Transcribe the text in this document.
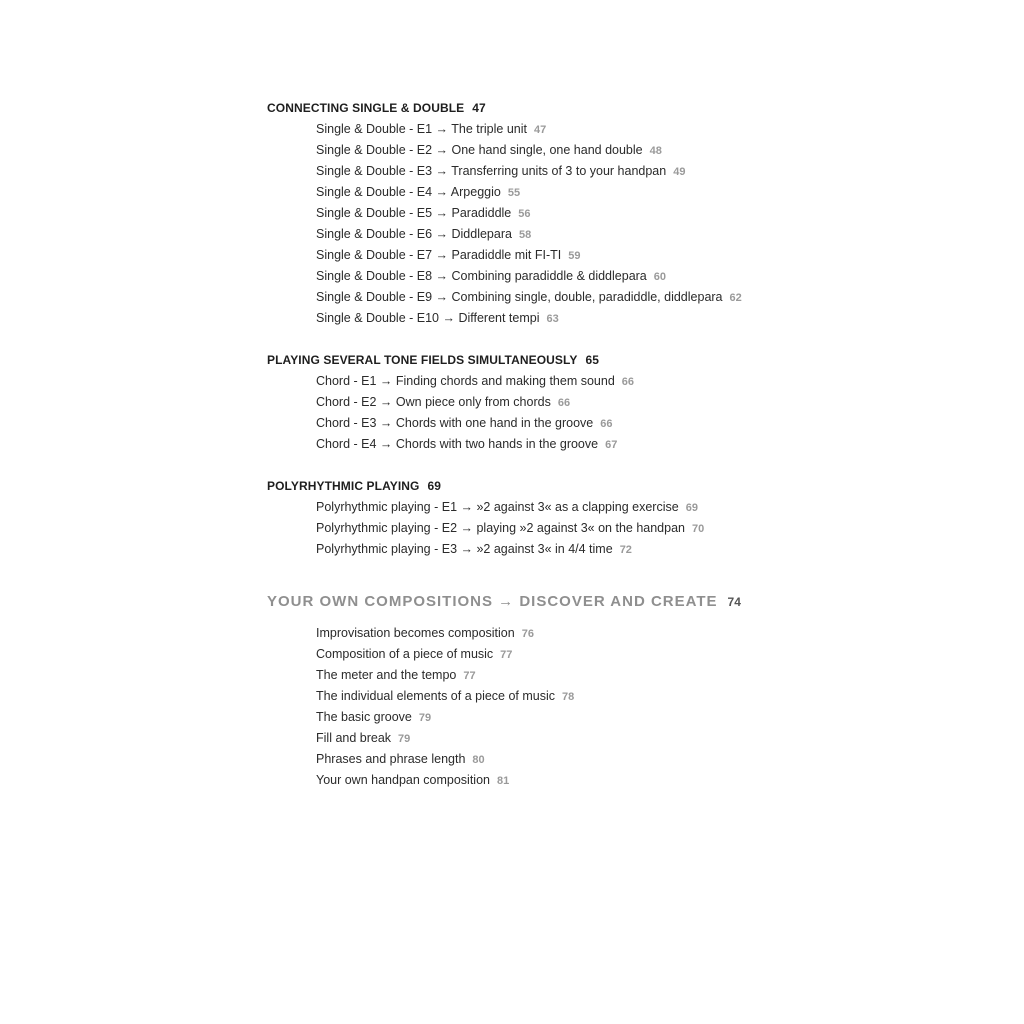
CONNECTING SINGLE & DOUBLE 47
Single & Double - E1 → The triple unit 47
Single & Double - E2 → One hand single, one hand double 48
Single & Double - E3 → Transferring units of 3 to your handpan 49
Single & Double - E4 → Arpeggio 55
Single & Double - E5 → Paradiddle 56
Single & Double - E6 → Diddlepara 58
Single & Double - E7 → Paradiddle mit FI-TI 59
Single & Double - E8 → Combining paradiddle & diddlepara 60
Single & Double - E9 → Combining single, double, paradiddle, diddlepara 62
Single & Double - E10 → Different tempi 63
PLAYING SEVERAL TONE FIELDS SIMULTANEOUSLY 65
Chord - E1 → Finding chords and making them sound 66
Chord - E2 → Own piece only from chords 66
Chord - E3 → Chords with one hand in the groove 66
Chord - E4 → Chords with two hands in the groove 67
POLYRHYTHMIC PLAYING 69
Polyrhythmic playing - E1 → »2 against 3« as a clapping exercise 69
Polyrhythmic playing - E2 → playing »2 against 3« on the handpan 70
Polyrhythmic playing - E3 → »2 against 3« in 4/4 time 72
YOUR OWN COMPOSITIONS → DISCOVER AND CREATE 74
Improvisation becomes composition 76
Composition of a piece of music 77
The meter and the tempo 77
The individual elements of a piece of music 78
The basic groove 79
Fill and break 79
Phrases and phrase length 80
Your own handpan composition 81
